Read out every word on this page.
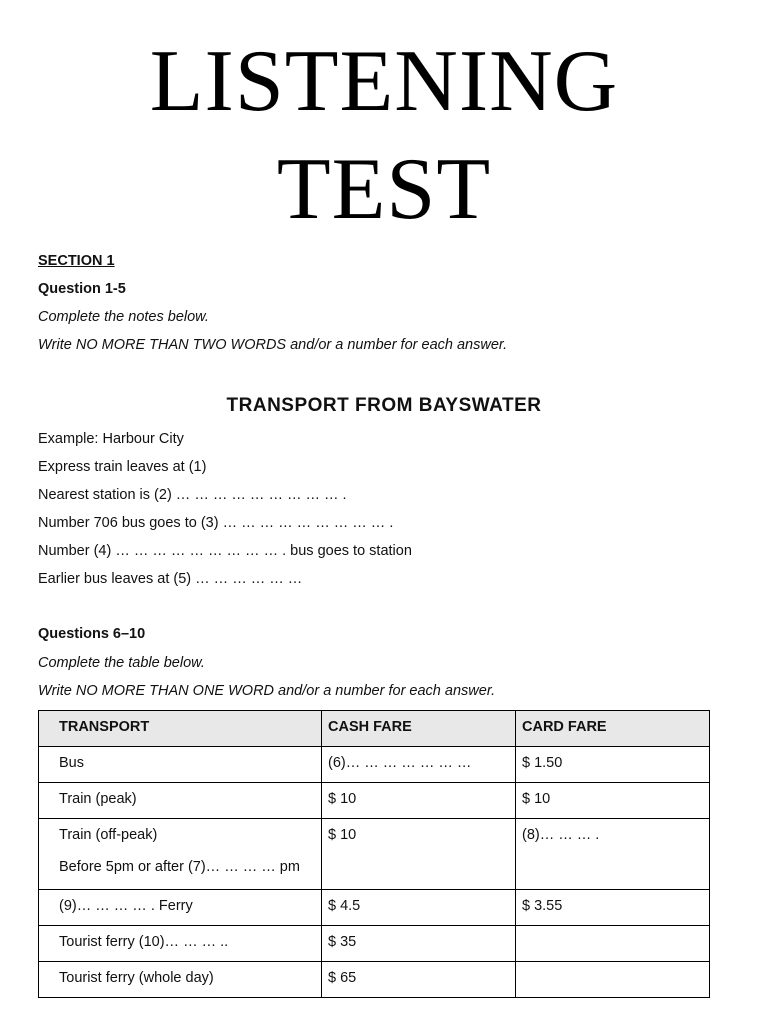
LISTENING
TEST
SECTION 1
Question 1-5
Complete the notes below.
Write NO MORE THAN TWO WORDS and/or a number for each answer.
TRANSPORT FROM BAYSWATER
Example: Harbour City
Express train leaves at (1)
Nearest station is (2) … … … … … … … … … .
Number 706 bus goes to (3) … … … … … … … … … .
Number (4) … … … … … … … … … . bus goes to station
Earlier bus leaves at (5) … … … … … …
Questions 6–10
Complete the table below.
Write NO MORE THAN ONE WORD and/or a number for each answer.
TRANSPORT	CASH FARE	CARD FARE
Bus	(6)… … … … … … …	$ 1.50
Train (peak)	$ 10	$ 10
Train (off-peak)
Before 5pm or after (7)… … … … pm	$ 10	(8)… … … .
(9)… … … … . Ferry	$ 4.5	$ 3.55
Tourist ferry (10)… … … ..	$ 35	
Tourist ferry (whole day)	$ 65	
